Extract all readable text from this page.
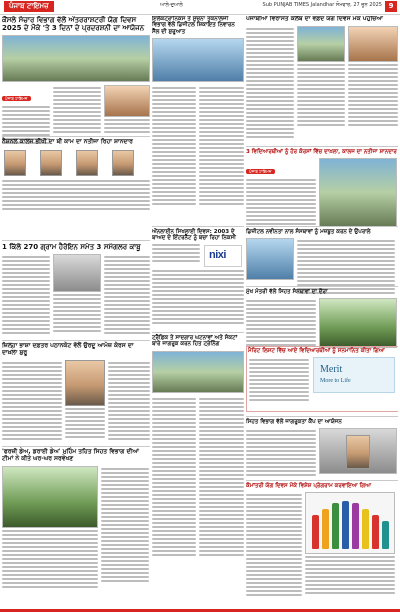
ਪੰਜਾਬ ਟਾਇਮਜ਼	ਆਲੇ-ਦੁਆਲੇ	Sub PUNJAB TIMES Jalandhar ਸੋਮਵਾਰ, 27 ਜੂਨ 2025 9
ਕੌਂਸਲੇ ਸੰਚਾਰ ਵਿਭਾਗ ਵੱਲੋਂ ਅੰਤਰਰਾਸ਼ਟਰੀ ਯੋਗ ਦਿਵਸ 2025 ਦੇ ਮੌਕੇ 'ਤੇ 3 ਦਿਨਾਂ ਦੇ ਪ੍ਰਦਰਸ਼ਨੀ ਦਾ ਆਯੋਜਨ
ਪੰਜਾਬ ਟਾਇਮਜ਼
ਨੈਸ਼ਨਲ ਕਾਲਜ ਭੀਖੀ ਦਾ ਬੀ ਕਾਮ ਦਾ ਨਤੀਜਾ ਰਿਹਾ ਸ਼ਾਨਦਾਰ
1 ਕਿੱਲੋ 270 ਗ੍ਰਾਮ ਹੈਰੋਇਨ ਸਮੇਤ 3 ਸਮੱਗਲਰ ਕਾਬੂ
ਜ਼ਿਲ੍ਹਾ ਭਾਸ਼ਾ ਦਫ਼ਤਰ ਪਠਾਨਕੋਟ ਵੱਲੋਂ ਉਰਦੂ ਆਮੋਜ਼ ਕੋਰਸ ਦਾ ਦਾਖ਼ਲਾ ਸ਼ੁਰੂ
'ਫਰਜ਼ੀ ਡੇਅ, ਡਰਾਈ ਡੇਅ' ਮੁਹਿੰਮ ਤਹਿਤ ਸਿਹਤ ਵਿਭਾਗ ਦੀਆਂ ਟੀਮਾਂ ਨੇ ਕੀਤੇ ਘਰ-ਘਰ ਸਰਵੇਖਣ
ਇਲੈਕਟ੍ਰਾਨਿਕਸ ਤੇ ਸੂਚਨਾ ਤਕਨਾਲੋਜੀ ਵਿਭਾਗ ਵੱਲੋਂ ਡਿਜੀਟਲ ਸ਼ਿਕਾਇਤ ਨਿਵਾਰਨ ਸੈੱਲ ਦੀ ਸ਼ੁਰੂਆਤ
ਔਨਲਾਈਨ ਸਿਖਲਾਈ ਦਿਵਸ: 2003 ਦੇ ਬਾਅਦ ਦੇ ਇੰਟਰਨੈੱਟ ਨੂੰ ਬਚਾ ਰਿਹਾ ਨਿਕਸੀ
nixi
ਟ੍ਰੈਫ਼ਿਕ ਤੇ ਸਾਦਗਾਰ ਘਟਨਾਵਾਂ ਅਤੇ ਸੰਕਟਾਂ ਬਾਰੇ ਜਾਗਰੂਕ ਕਰਨ ਹਿਤ ਟ੍ਰੇਨਿੰਗ
ਪੰਜਾਬੀਆਂ ਵਿਰਾਸਤ ਕਲੱਬ ਦਾ ਵਫ਼ਦ ਯੋਗ ਦਿਵਸ ਮੌਕੇ ਪਹੁੰਚਿਆ
3 ਵਿਦਿਆਰਥੀਆਂ ਨੂੰ ਹੋਰ ਕੋਰਸਾਂ ਵਿੱਚ ਦਾਖ਼ਲਾ, ਕਾਲਜ ਦਾ ਨਤੀਜਾ ਸ਼ਾਨਦਾਰ
ਪੰਜਾਬ ਟਾਇਮਜ਼
ਡਿਜ਼ੀਟਲ ਨਵੀਨਤਾ ਨਾਲ ਸੰਸਥਾਵਾਂ ਨੂੰ ਮਜ਼ਬੂਤ ਕਰਨ ਦੇ ਉਪਰਾਲੇ
ਮੁੱਖ ਮੰਤਰੀ ਵੱਲੋਂ ਸਿਹਤ ਸੰਸਥਾਵਾਂ ਦਾ ਦੌਰਾ
ਮੈਰਿਟ ਲਿਸਟ ਵਿੱਚ ਆਏ ਵਿਦਿਆਰਥੀਆਂ ਨੂੰ ਸਨਮਾਨਿਤ ਕੀਤਾ ਗਿਆ
Merit
More to Life
ਸਿਹਤ ਵਿਭਾਗ ਵੱਲੋਂ ਜਾਗਰੂਕਤਾ ਕੈਂਪ ਦਾ ਆਯੋਜਨ
ਕੌਮਾਂਤਰੀ ਯੋਗ ਦਿਵਸ ਮੌਕੇ ਵਿਸ਼ੇਸ਼ ਪ੍ਰੋਗਰਾਮ ਕਰਵਾਇਆ ਗਿਆ
